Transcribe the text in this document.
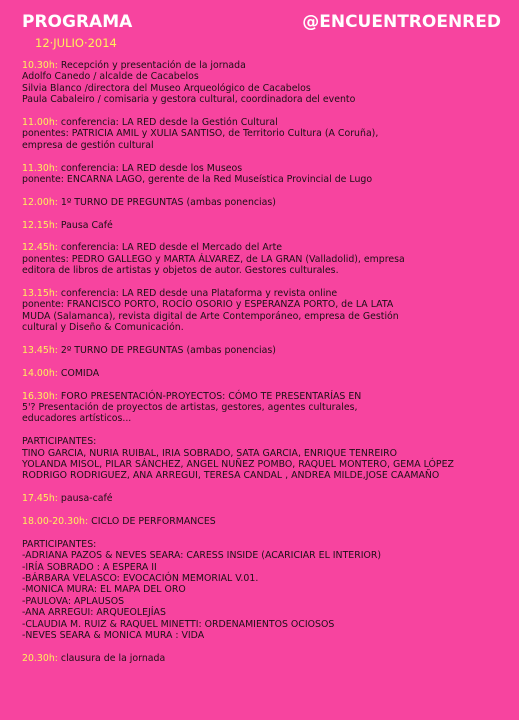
PROGRAMA	@ENCUENTROENRED
12·JULIO·2014
10.30h: Recepción y presentación de la jornada
Adolfo Canedo / alcalde de Cacabelos
Silvia Blanco /directora del Museo Arqueológico de Cacabelos
Paula Cabaleiro / comisaria y gestora cultural, coordinadora del evento
11.00h: conferencia: LA RED desde la Gestión Cultural
ponentes: PATRICIA AMIL y XULIA SANTISO, de Territorio Cultura (A Coruña),
empresa de gestión cultural
11.30h: conferencia: LA RED desde los Museos
ponente: ENCARNA LAGO, gerente de la Red Museística Provincial de Lugo
12.00h: 1º TURNO DE PREGUNTAS (ambas ponencias)
12.15h: Pausa Café
12.45h: conferencia: LA RED desde el Mercado del Arte
ponentes: PEDRO GALLEGO y MARTA ÁLVAREZ, de LA GRAN (Valladolid), empresa
editora de libros de artistas y objetos de autor. Gestores culturales.
13.15h: conferencia: LA RED desde una Plataforma y revista online
ponente: FRANCISCO PORTO, ROCÍO OSORIO y ESPERANZA PORTO, de LA LATA
MUDA (Salamanca), revista digital de Arte Contemporáneo, empresa de Gestión
cultural y Diseño & Comunicación.
13.45h: 2º TURNO DE PREGUNTAS (ambas ponencias)
14.00h: COMIDA
16.30h: FORO PRESENTACIÓN-PROYECTOS: CÓMO TE PRESENTARÍAS EN
5'? Presentación de proyectos de artistas, gestores, agentes culturales,
educadores artísticos...
PARTICIPANTES:
TINO GARCIA, NURIA RUIBAL, IRIA SOBRADO, SATA GARCIA, ENRIQUE TENREIRO
YOLANDA MISOL, PILAR SÁNCHEZ, ANGEL NUÑEZ POMBO, RAQUEL MONTERO, GEMA LÓPEZ
RODRIGO RODRIGUEZ, ANA ARREGUI, TERESA CANDAL , ANDREA MILDE,JOSE CAAMAÑO
17.45h: pausa-café
18.00-20.30h: CICLO DE PERFORMANCES
PARTICIPANTES:
-ADRIANA PAZOS & NEVES SEARA: CARESS INSIDE (ACARICIAR EL INTERIOR)
-IRÍA SOBRADO : A ESPERA II
-BÁRBARA VELASCO: EVOCACIÓN MEMORIAL V.01.
-MONICA MURA: EL MAPA DEL ORO
-PAULOVA: APLAUSOS
-ANA ARREGUI: ARQUEOLEJÍAS
-CLAUDIA M. RUIZ & RAQUEL MINETTI: ORDENAMIENTOS OCIOSOS
-NEVES SEARA & MONICA MURA : VIDA
20.30h: clausura de la jornada
